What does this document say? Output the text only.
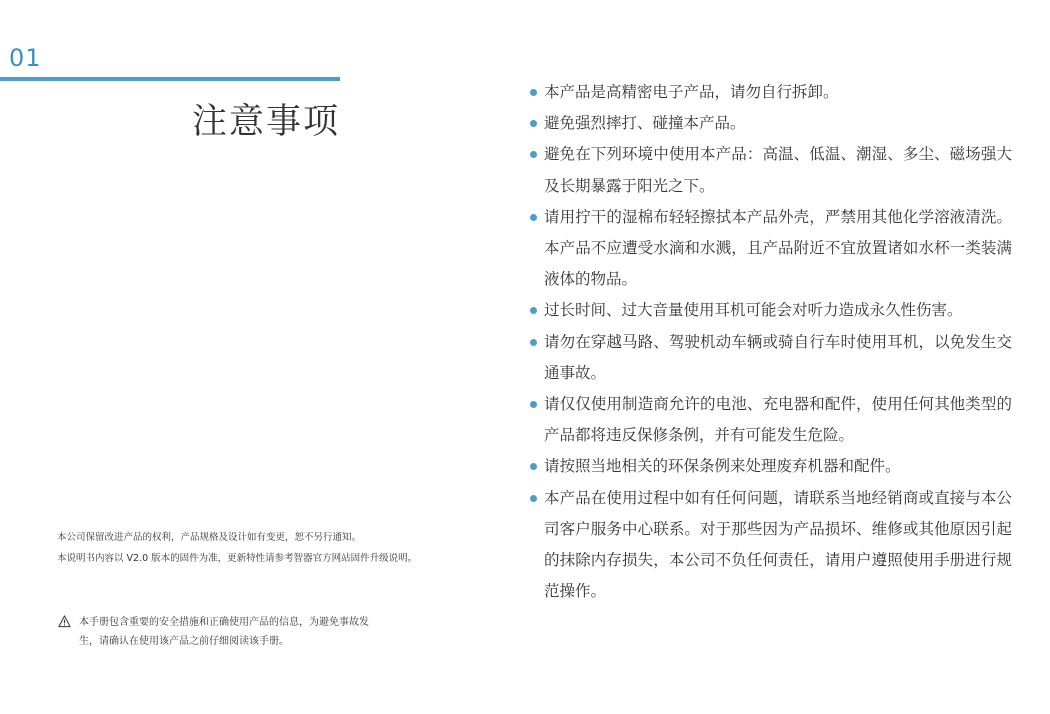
01
注意事项
本公司保留改进产品的权利，产品规格及设计如有变更，恕不另行通知。
本说明书内容以 V2.0 版本的固件为准，更新特性请参考智器官方网站固件升级说明。
本手册包含重要的安全措施和正确使用产品的信息，为避免事故发生，请确认在使用该产品之前仔细阅读该手册。
本产品是高精密电子产品，请勿自行拆卸。
避免强烈摔打、碰撞本产品。
避免在下列环境中使用本产品：高温、低温、潮湿、多尘、磁场强大及长期暴露于阳光之下。
请用拧干的湿棉布轻轻擦拭本产品外壳，严禁用其他化学溶液清洗。本产品不应遭受水滴和水溅，且产品附近不宜放置诸如水杯一类装满液体的物品。
过长时间、过大音量使用耳机可能会对听力造成永久性伤害。
请勿在穿越马路、驾驶机动车辆或骑自行车时使用耳机，以免发生交通事故。
请仅仅使用制造商允许的电池、充电器和配件，使用任何其他类型的产品都将违反保修条例，并有可能发生危险。
请按照当地相关的环保条例来处理废弃机器和配件。
本产品在使用过程中如有任何问题，请联系当地经销商或直接与本公司客户服务中心联系。对于那些因为产品损坏、维修或其他原因引起的抹除内存损失，本公司不负任何责任，请用户遵照使用手册进行规范操作。
